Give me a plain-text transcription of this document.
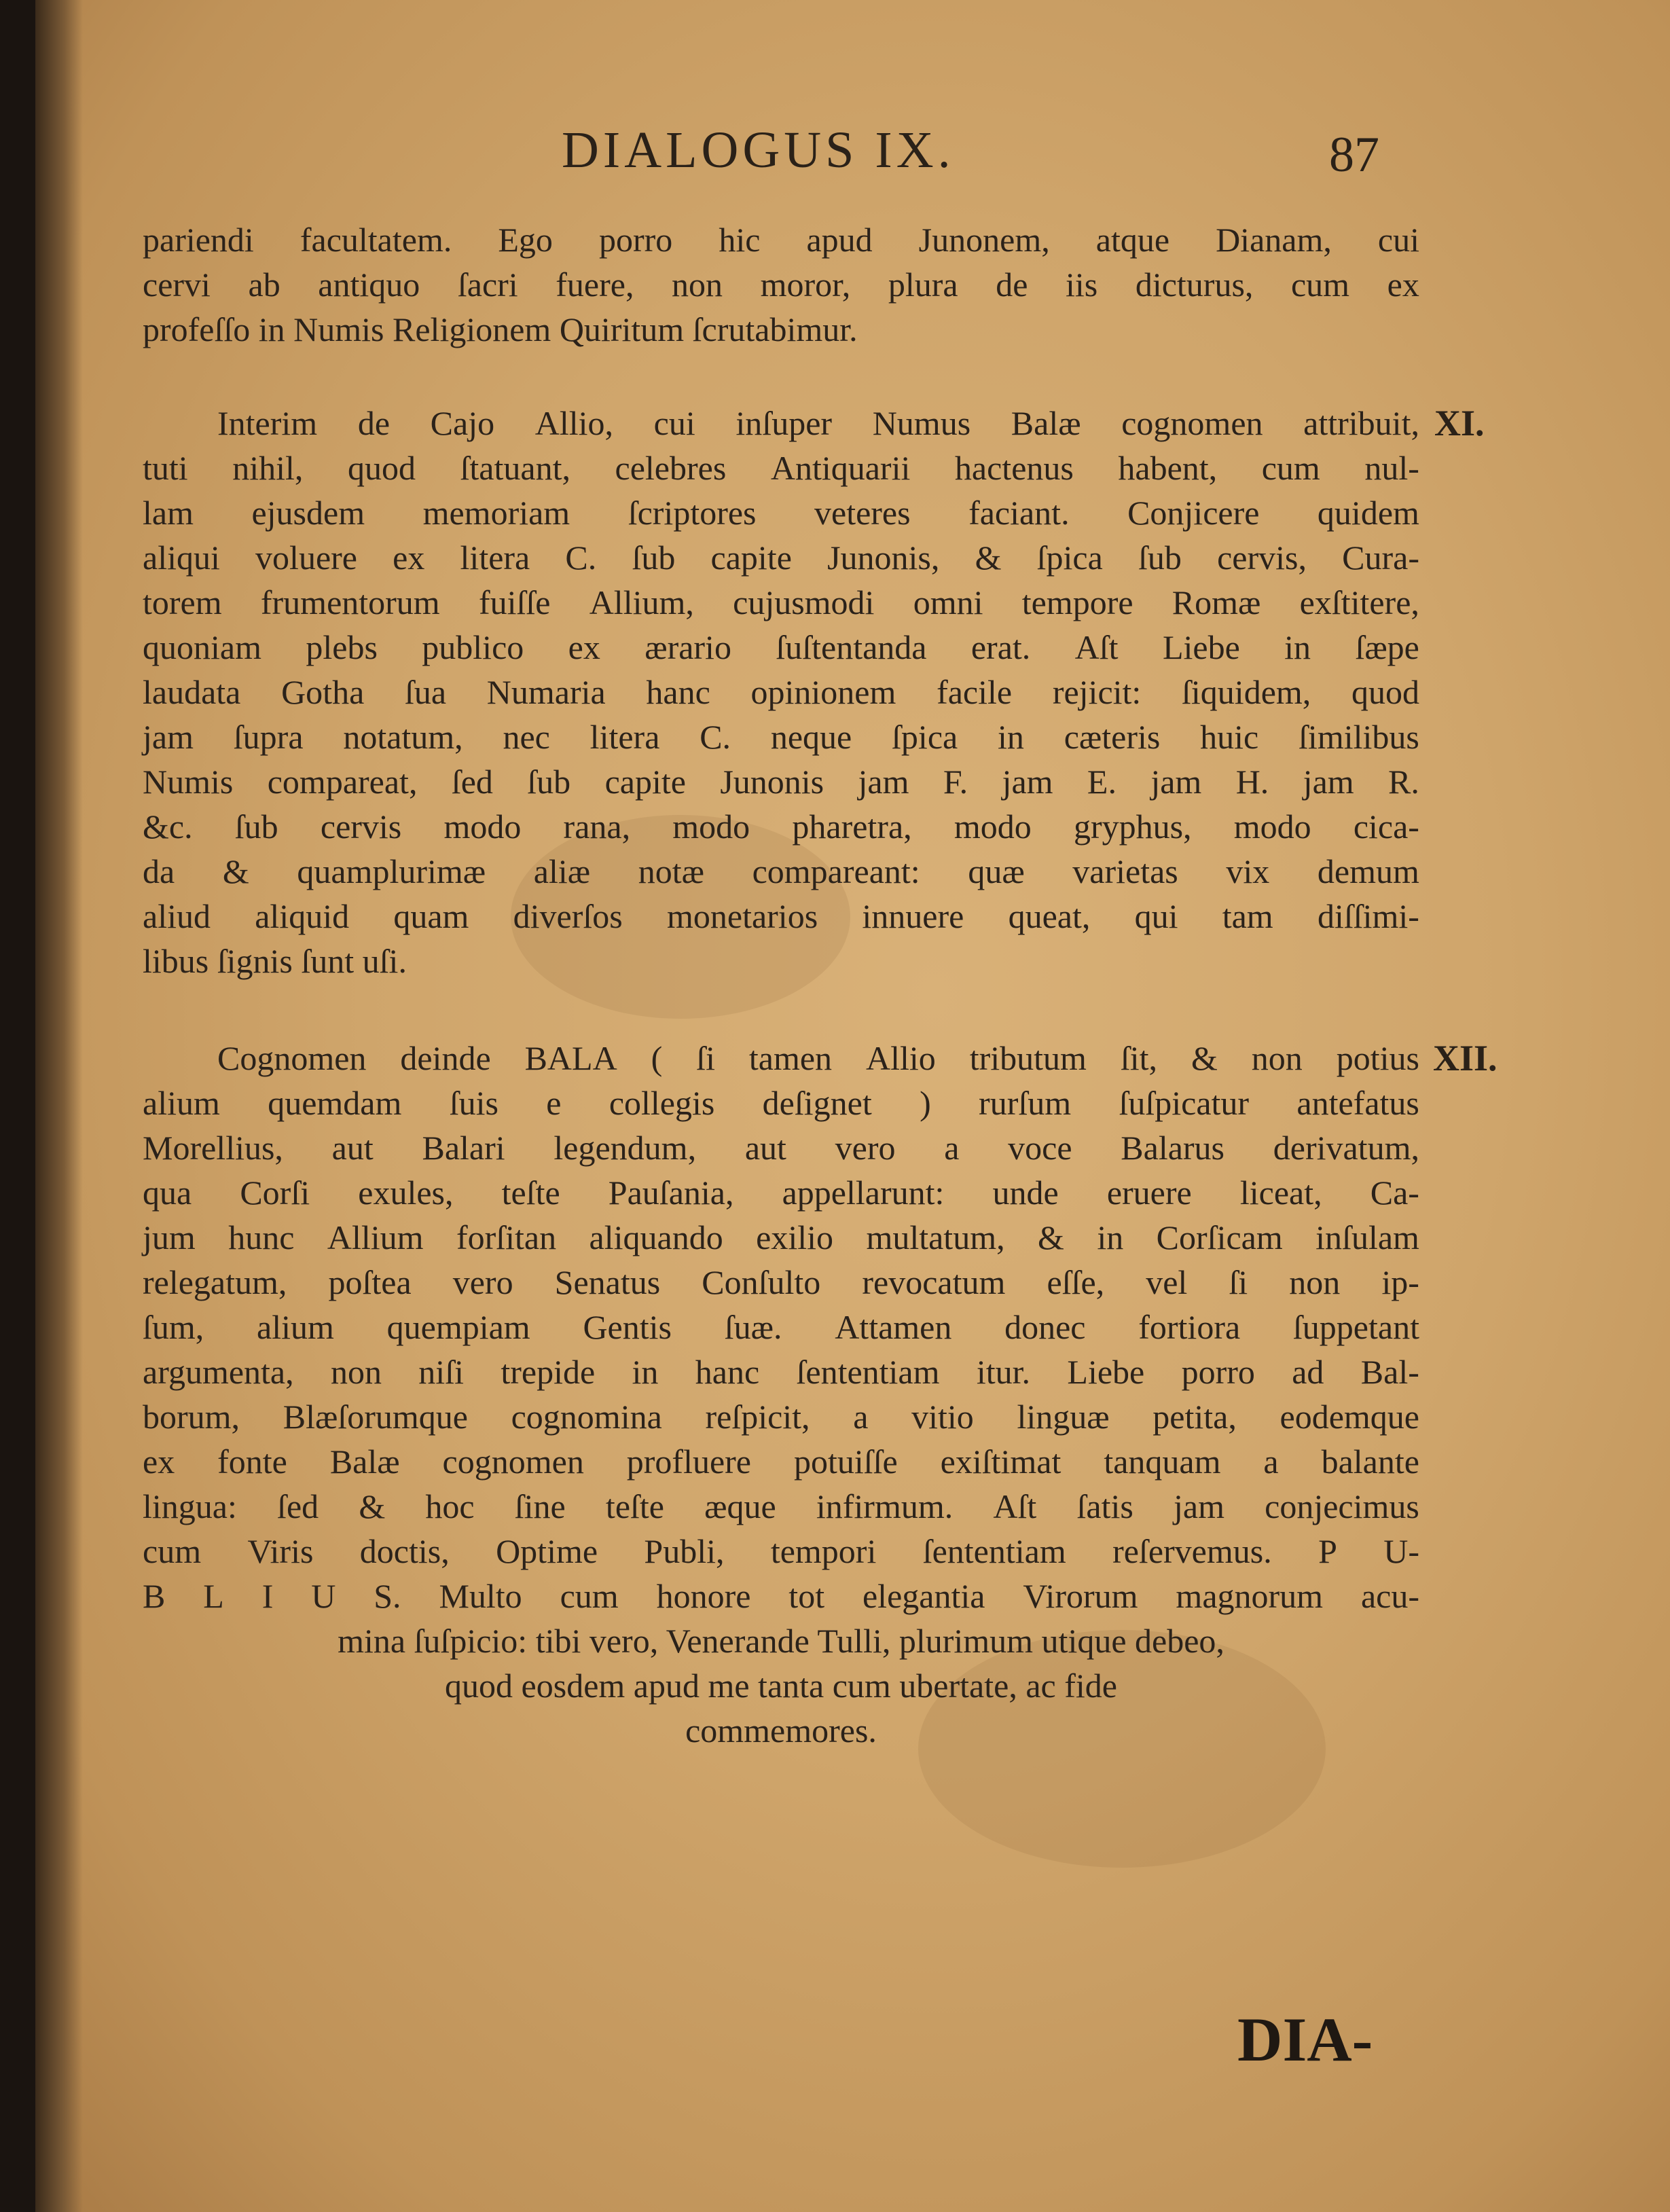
DIALOGUS IX.	87
pariendi facultatem. Ego porro hic apud Junonem, atque Dianam, cui
cervi ab antiquo ſacri fuere, non moror, plura de iis dicturus, cum ex
profeſſo in Numis Religionem Quiritum ſcrutabimur.
XI.
Interim de Cajo Allio, cui inſuper Numus Balæ cognomen attribuit,
tuti nihil, quod ſtatuant, celebres Antiquarii hactenus habent, cum nul-
lam ejusdem memoriam ſcriptores veteres faciant. Conjicere quidem
aliqui voluere ex litera C. ſub capite Junonis, & ſpica ſub cervis, Cura-
torem frumentorum fuiſſe Allium, cujusmodi omni tempore Romæ exſtitere,
quoniam plebs publico ex ærario ſuſtentanda erat. Aſt Liebe in ſæpe
laudata Gotha ſua Numaria hanc opinionem facile rejicit: ſiquidem, quod
jam ſupra notatum, nec litera C. neque ſpica in cæteris huic ſimilibus
Numis compareat, ſed ſub capite Junonis jam F. jam E. jam H. jam R.
&c. ſub cervis modo rana, modo pharetra, modo gryphus, modo cica-
da & quamplurimæ aliæ notæ compareant: quæ varietas vix demum
aliud aliquid quam diverſos monetarios innuere queat, qui tam diſſimi-
libus ſignis ſunt uſi.
XII.
Cognomen deinde BALA ( ſi tamen Allio tributum ſit, & non potius
alium quemdam ſuis e collegis deſignet ) rurſum ſuſpicatur antefatus
Morellius, aut Balari legendum, aut vero a voce Balarus derivatum,
qua Corſi exules, teſte Pauſania, appellarunt: unde eruere liceat, Ca-
jum hunc Allium forſitan aliquando exilio multatum, & in Corſicam inſulam
relegatum, poſtea vero Senatus Conſulto revocatum eſſe, vel ſi non ip-
ſum, alium quempiam Gentis ſuæ. Attamen donec fortiora ſuppetant
argumenta, non niſi trepide in hanc ſententiam itur. Liebe porro ad Bal-
borum, Blæſorumque cognomina reſpicit, a vitio linguæ petita, eodemque
ex fonte Balæ cognomen profluere potuiſſe exiſtimat tanquam a balante
lingua: ſed & hoc ſine teſte æque infirmum. Aſt ſatis jam conjecimus
cum Viris doctis, Optime Publi, tempori ſententiam reſervemus. P U-
B L I U S. Multo cum honore tot elegantia Virorum magnorum acu-
mina ſuſpicio: tibi vero, Venerande Tulli, plurimum utique debeo,
quod eosdem apud me tanta cum ubertate, ac fide
commemores.
DIA-
